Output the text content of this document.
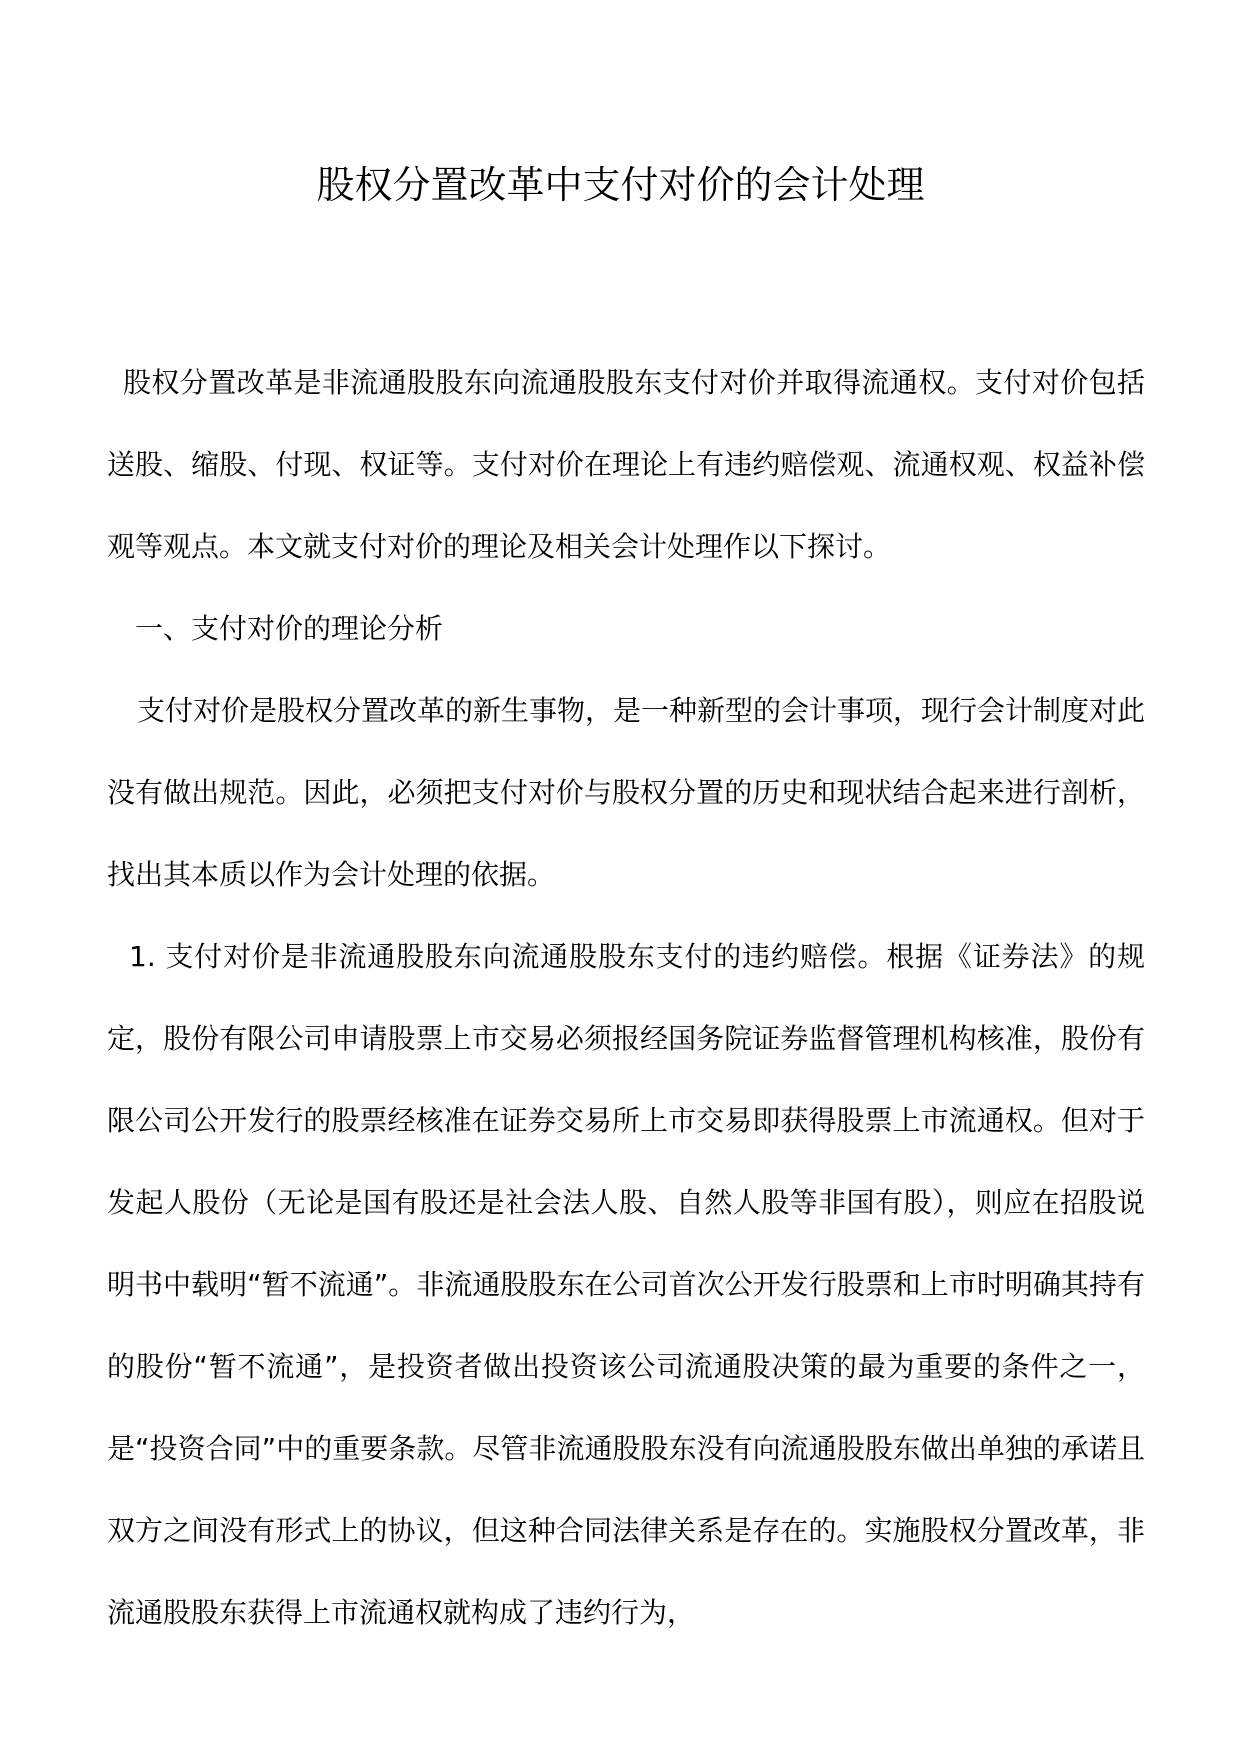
股权分置改革中支付对价的会计处理

股权分置改革是非流通股股东向流通股股东支付对价并取得流通权。支付对价包括送股、缩股、付现、权证等。支付对价在理论上有违约赔偿观、流通权观、权益补偿观等观点。本文就支付对价的理论及相关会计处理作以下探讨。

一、支付对价的理论分析

支付对价是股权分置改革的新生事物，是一种新型的会计事项，现行会计制度对此没有做出规范。因此，必须把支付对价与股权分置的历史和现状结合起来进行剖析，找出其本质以作为会计处理的依据。

1. 支付对价是非流通股股东向流通股股东支付的违约赔偿。根据《证券法》的规定，股份有限公司申请股票上市交易必须报经国务院证券监督管理机构核准，股份有限公司公开发行的股票经核准在证券交易所上市交易即获得股票上市流通权。但对于发起人股份（无论是国有股还是社会法人股、自然人股等非国有股），则应在招股说明书中载明“暂不流通”。非流通股股东在公司首次公开发行股票和上市时明确其持有的股份“暂不流通”，是投资者做出投资该公司流通股决策的最为重要的条件之一，是“投资合同”中的重要条款。尽管非流通股股东没有向流通股股东做出单独的承诺且双方之间没有形式上的协议，但这种合同法律关系是存在的。实施股权分置改革，非流通股股东获得上市流通权就构成了违约行为，
